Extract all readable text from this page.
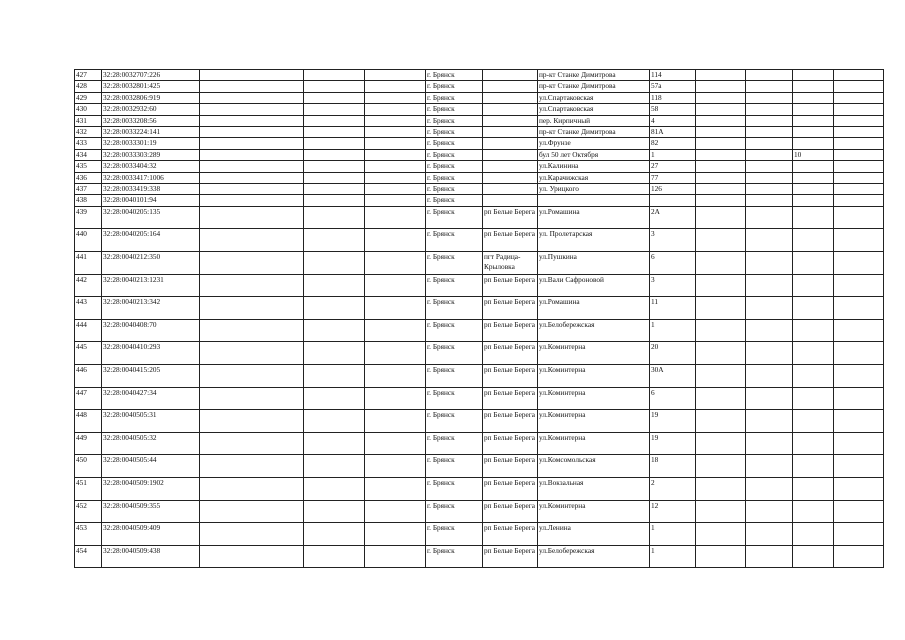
427	32:28:0032707:226				г. Брянск		пр-кт Станке Димитрова	114				
428	32:28:0032801:425				г. Брянск		пр-кт Станке Димитрова	57а				
429	32:28:0032806:919				г. Брянск		ул.Спартаковская	118				
430	32:28:0032932:60				г. Брянск		ул.Спартаковская	58				
431	32:28:0033208:56				г. Брянск		пер. Кирпичный	4				
432	32:28:0033224:141				г. Брянск		пр-кт Станке Димитрова	81А				
433	32:28:0033301:19				г. Брянск		ул.Фрунзе	82				
434	32:28:0033303:289				г. Брянск		бул 50 лет Октября	1			10	
435	32:28:0033404:32				г. Брянск		ул.Калинина	27				
436	32:28:0033417:1006				г. Брянск		ул.Карачижская	77				
437	32:28:0033419:338				г. Брянск		ул. Урицкого	126				
438	32:28:0040101:94				г. Брянск							
439	32:28:0040205:135				г. Брянск	рп Белые Берега	ул.Ромашина	2А				
440	32:28:0040205:164				г. Брянск	рп Белые Берега	ул. Пролетарская	3				
441	32:28:0040212:350				г. Брянск	пгт Радица-Крыловка	ул.Пушкина	6				
442	32:28:0040213:1231				г. Брянск	рп Белые Берега	ул.Вали Сафроновой	3				
443	32:28:0040213:342				г. Брянск	рп Белые Берега	ул.Ромашина	11				
444	32:28:0040408:70				г. Брянск	рп Белые Берега	ул.Белобережская	1				
445	32:28:0040410:293				г. Брянск	рп Белые Берега	ул.Коминтерна	20				
446	32:28:0040415:205				г. Брянск	рп Белые Берега	ул.Коминтерна	30А				
447	32:28:0040427:34				г. Брянск	рп Белые Берега	ул.Коминтерна	6				
448	32:28:0040505:31				г. Брянск	рп Белые Берега	ул.Коминтерна	19				
449	32:28:0040505:32				г. Брянск	рп Белые Берега	ул.Коминтерна	19				
450	32:28:0040505:44				г. Брянск	рп Белые Берега	ул.Комсомольская	18				
451	32:28:0040509:1902				г. Брянск	рп Белые Берега	ул.Вокзальная	2				
452	32:28:0040509:355				г. Брянск	рп Белые Берега	ул.Коминтерна	12				
453	32:28:0040509:409				г. Брянск	рп Белые Берега	ул.Ленина	1				
454	32:28:0040509:438				г. Брянск	рп Белые Берега	ул.Белобережская	1				
